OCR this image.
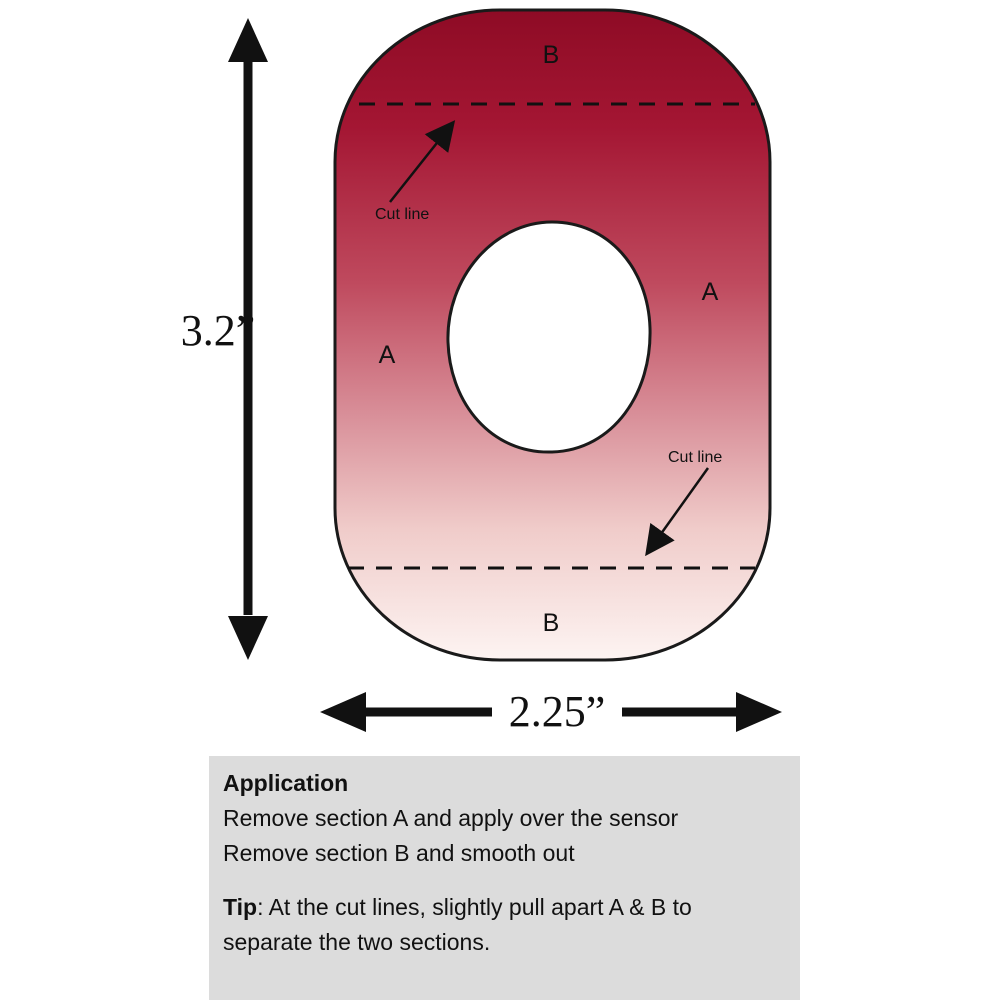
Cut line
Cut line
B
B
A
A
3.2”
2.25”

Application

Remove section A and apply over the sensor

Remove section B and smooth out

Tip: At the cut lines, slightly pull apart A & B to separate the two sections.
